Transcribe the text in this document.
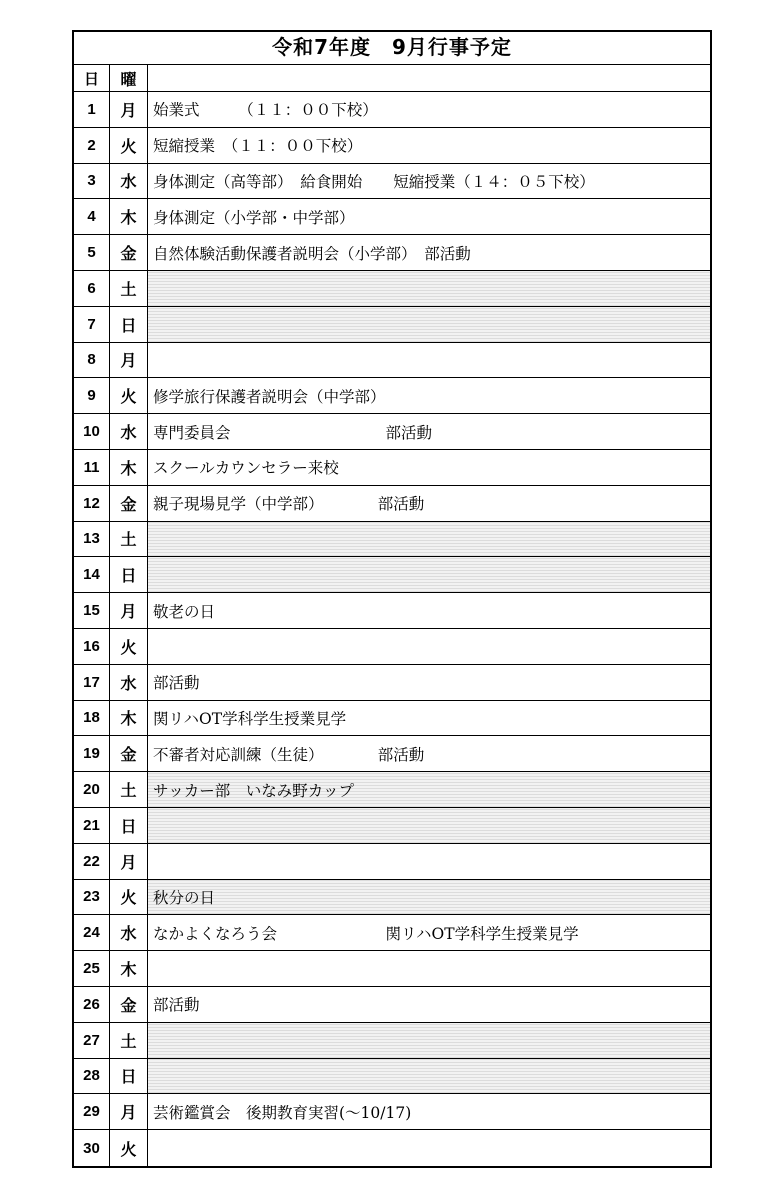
令和7年度　9月行事予定
日	曜
1	月	始業式　　　（１１：００下校）
2	火	短縮授業　（１１：００下校）
3	水	身体測定（高等部）　給食開始　　短縮授業（１４：０５下校）
4	木	身体測定（小学部・中学部）
5	金	自然体験活動保護者説明会（小学部）　部活動
6	土
7	日
8	月
9	火	修学旅行保護者説明会（中学部）
10	水	専門委員会　　　　　　　　　　部活動
11	木	スクールカウンセラー来校
12	金	親子現場見学（中学部）　　　　部活動
13	土
14	日
15	月	敬老の日
16	火
17	水	部活動
18	木	関リハOT学科学生授業見学
19	金	不審者対応訓練（生徒）　　　　部活動
20	土	サッカー部　いなみ野カップ
21	日
22	月
23	火	秋分の日
24	水	なかよくなろう会　　　　　　　関リハOT学科学生授業見学
25	木
26	金	部活動
27	土
28	日
29	月	芸術鑑賞会　後期教育実習(～10/17)
30	火
